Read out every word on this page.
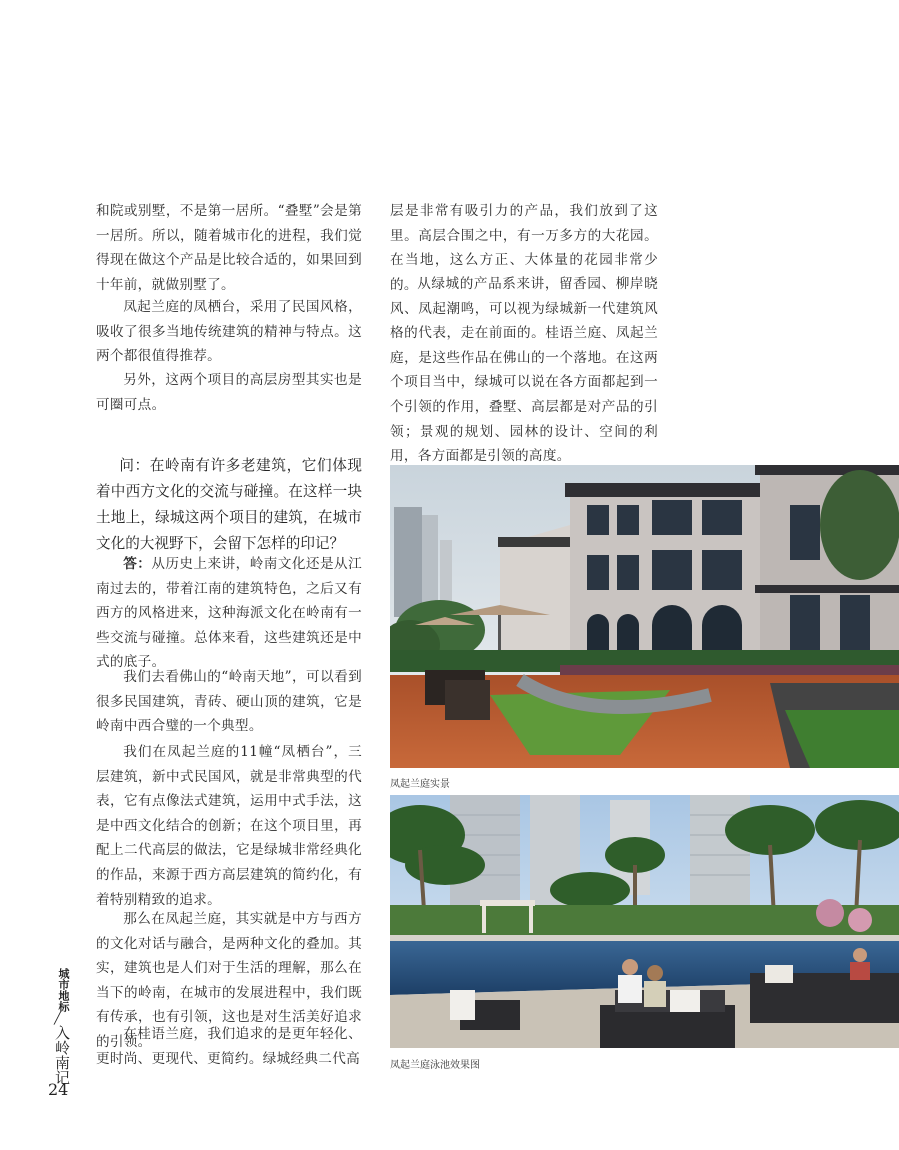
和院或别墅，不是第一居所。“叠墅”会是第一居所。所以，随着城市化的进程，我们觉得现在做这个产品是比较合适的，如果回到十年前，就做别墅了。

凤起兰庭的凤栖台，采用了民国风格，吸收了很多当地传统建筑的精神与特点。这两个都很值得推荐。

另外，这两个项目的高层房型其实也是可圈可点。

问：在岭南有许多老建筑，它们体现着中西方文化的交流与碰撞。在这样一块土地上，绿城这两个项目的建筑，在城市文化的大视野下，会留下怎样的印记？

答：从历史上来讲，岭南文化还是从江南过去的，带着江南的建筑特色，之后又有西方的风格进来，这种海派文化在岭南有一些交流与碰撞。总体来看，这些建筑还是中式的底子。

我们去看佛山的“岭南天地”，可以看到很多民国建筑，青砖、硬山顶的建筑，它是岭南中西合璧的一个典型。

我们在凤起兰庭的11幢“凤栖台”，三层建筑，新中式民国风，就是非常典型的代表，它有点像法式建筑，运用中式手法，这是中西文化结合的创新；在这个项目里，再配上二代高层的做法，它是绿城非常经典化的作品，来源于西方高层建筑的简约化，有着特别精致的追求。

那么在凤起兰庭，其实就是中方与西方的文化对话与融合，是两种文化的叠加。其实，建筑也是人们对于生活的理解，那么在当下的岭南，在城市的发展进程中，我们既有传承，也有引领，这也是对生活美好追求的引领。

在桂语兰庭，我们追求的是更年轻化、更时尚、更现代、更简约。绿城经典二代高

层是非常有吸引力的产品，我们放到了这里。高层合围之中，有一万多方的大花园。在当地，这么方正、大体量的花园非常少的。 从绿城的产品系来讲，留香园、柳岸晓风、凤起潮鸣，可以视为绿城新一代建筑风格的代表，走在前面的。桂语兰庭、凤起兰庭，是这些作品在佛山的一个落地。在这两个项目当中，绿城可以说在各方面都起到一个引领的作用，叠墅、高层都是对产品的引领；景观的规划、园林的设计、空间的利用，各方面都是引领的高度。

凤起兰庭实景

凤起兰庭泳池效果图

城市地标
╱
入岭南记
24
